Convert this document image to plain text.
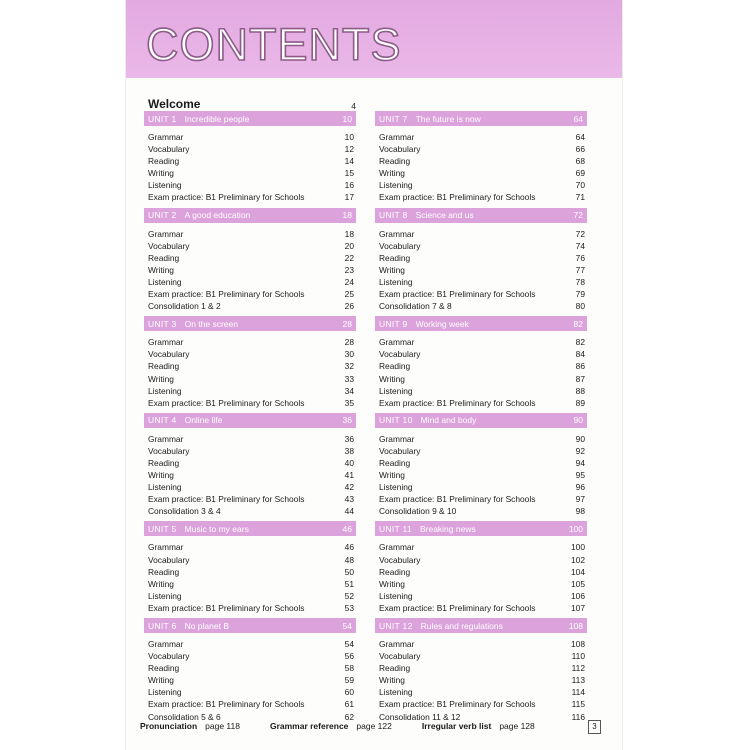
CONTENTS
Welcome	4
UNIT 1 Incredible people	10
Grammar	10
Vocabulary	12
Reading	14
Writing	15
Listening	16
Exam practice: B1 Preliminary for Schools	17
UNIT 2 A good education	18
Grammar	18
Vocabulary	20
Reading	22
Writing	23
Listening	24
Exam practice: B1 Preliminary for Schools	25
Consolidation 1 & 2	26
UNIT 3 On the screen	28
Grammar	28
Vocabulary	30
Reading	32
Writing	33
Listening	34
Exam practice: B1 Preliminary for Schools	35
UNIT 4 Online life	36
Grammar	36
Vocabulary	38
Reading	40
Writing	41
Listening	42
Exam practice: B1 Preliminary for Schools	43
Consolidation 3 & 4	44
UNIT 5 Music to my ears	46
Grammar	46
Vocabulary	48
Reading	50
Writing	51
Listening	52
Exam practice: B1 Preliminary for Schools	53
UNIT 6 No planet B	54
Grammar	54
Vocabulary	56
Reading	58
Writing	59
Listening	60
Exam practice: B1 Preliminary for Schools	61
Consolidation 5 & 6	62
UNIT 7 The future is now	64
Grammar	64
Vocabulary	66
Reading	68
Writing	69
Listening	70
Exam practice: B1 Preliminary for Schools	71
UNIT 8 Science and us	72
Grammar	72
Vocabulary	74
Reading	76
Writing	77
Listening	78
Exam practice: B1 Preliminary for Schools	79
Consolidation 7 & 8	80
UNIT 9 Working week	82
Grammar	82
Vocabulary	84
Reading	86
Writing	87
Listening	88
Exam practice: B1 Preliminary for Schools	89
UNIT 10 Mind and body	90
Grammar	90
Vocabulary	92
Reading	94
Writing	95
Listening	96
Exam practice: B1 Preliminary for Schools	97
Consolidation 9 & 10	98
UNIT 11 Breaking news	100
Grammar	100
Vocabulary	102
Reading	104
Writing	105
Listening	106
Exam practice: B1 Preliminary for Schools	107
UNIT 12 Rules and regulations	108
Grammar	108
Vocabulary	110
Reading	112
Writing	113
Listening	114
Exam practice: B1 Preliminary for Schools	115
Consolidation 11 & 12	116
Pronunciation page 118	Grammar reference page 122	Irregular verb list page 128	3
